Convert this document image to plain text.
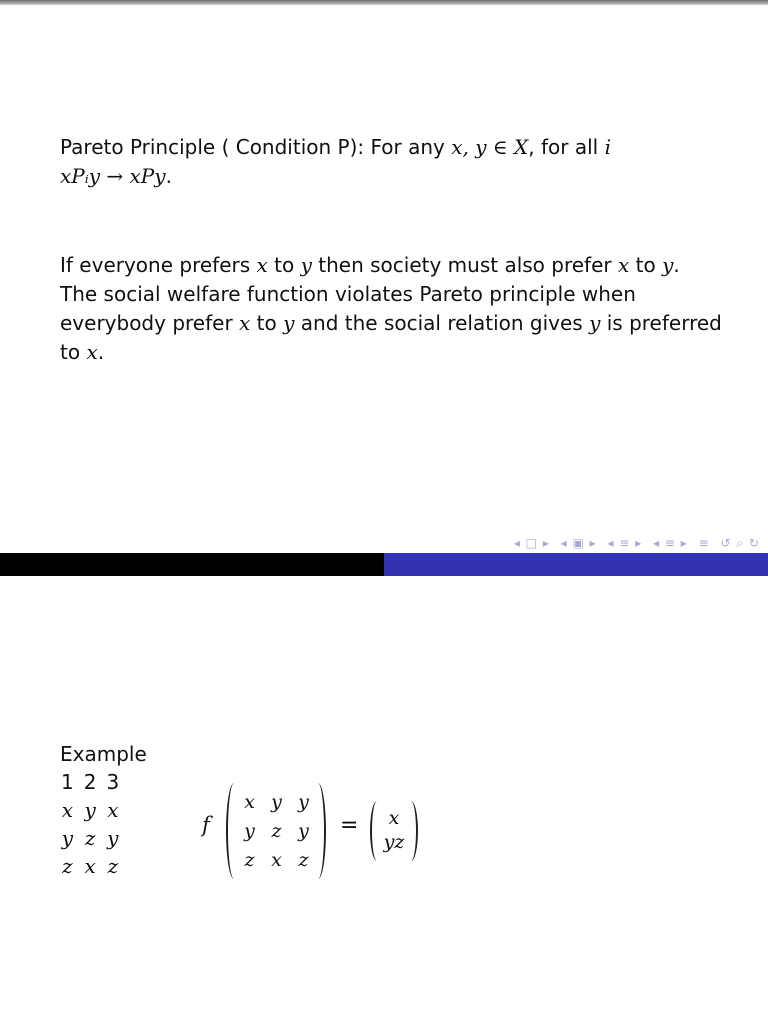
Pareto Principle ( Condition P): For any x, y ∈ X, for all i
xPᵢy → xPy.
If everyone prefers x to y then society must also prefer x to y.
The social welfare function violates Pareto principle when
everybody prefer x to y and the social relation gives y is preferred
to x.
◂ □ ▸ ◂ ▣ ▸ ◂ ≡ ▸ ◂ ≡ ▸ ≡ ↺ ⌕ ↻
Example
1	2	3
x	y	x
y	z	y
z	x	z
f
x	y	y
y	z	y
z	x	z
=	x
yz
